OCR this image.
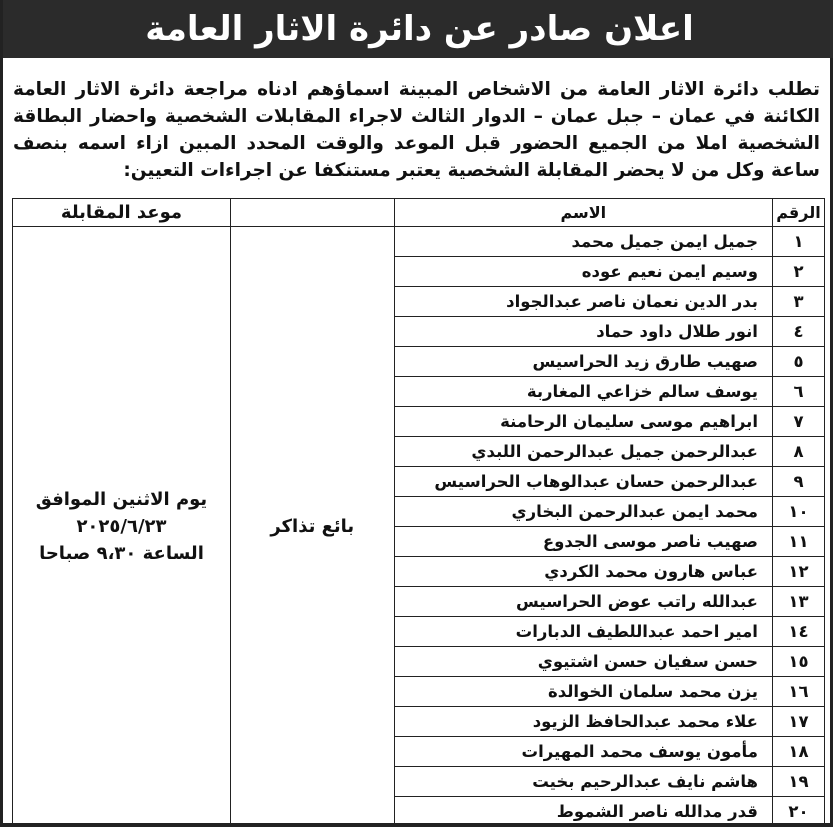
اعلان صادر عن دائرة الاثار العامة
تطلب دائرة الاثار العامة من الاشخاص المبينة اسماؤهم ادناه مراجعة دائرة الاثار العامة الكائنة في عمان – جبل عمان – الدوار الثالث لاجراء المقابلات الشخصية واحضار البطاقة الشخصية املا من الجميع الحضور قبل الموعد والوقت المحدد المبين ازاء اسمه بنصف ساعة وكل من لا يحضر المقابلة الشخصية يعتبر مستنكفا عن اجراءات التعيين:
الرقم	الاسم		موعد المقابلة
١	جميل ايمن جميل محمد	بائع تذاكر	يوم الاثنين الموافق
٢٠٢٥/٦/٢٣
الساعة ٩،٣٠ صباحا

٢	وسيم ايمن نعيم عوده		
٣	بدر الدين نعمان ناصر عبدالجواد		
٤	انور طلال داود حماد		
٥	صهيب طارق زيد الحراسيس		
٦	يوسف سالم خزاعي المغاربة		
٧	ابراهيم موسى سليمان الرحامنة		
٨	عبدالرحمن جميل عبدالرحمن اللبدي		
٩	عبدالرحمن حسان عبدالوهاب الحراسيس		
١٠	محمد ايمن عبدالرحمن البخاري		
١١	صهيب ناصر موسى الجدوع		
١٢	عباس هارون محمد الكردي		
١٣	عبدالله راتب عوض الحراسيس		
١٤	امير احمد عبداللطيف الدبارات		
١٥	حسن سفيان حسن اشتيوي		
١٦	يزن محمد سلمان الخوالدة		
١٧	علاء محمد عبدالحافظ الزيود		
١٨	مأمون يوسف محمد المهيرات		
١٩	هاشم نايف عبدالرحيم بخيت		
٢٠	قدر مدالله ناصر الشموط		
